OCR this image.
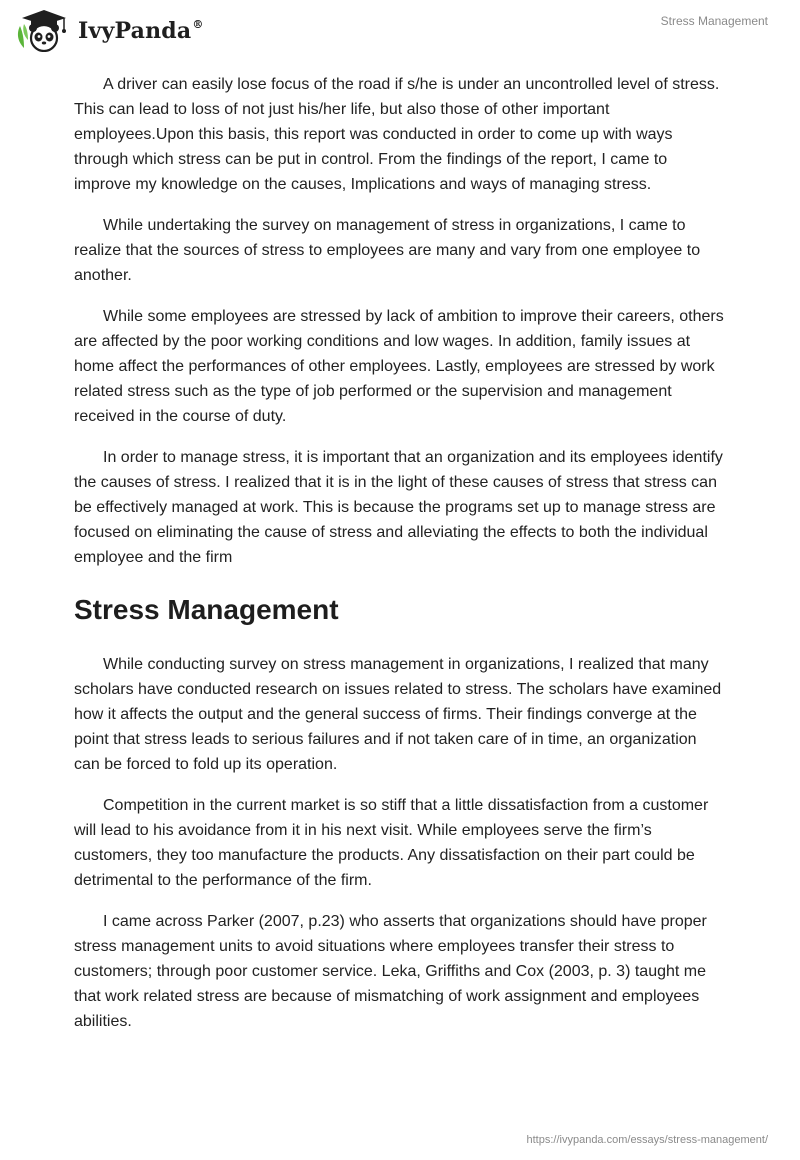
IvyPanda®	Stress Management

A driver can easily lose focus of the road if s/he is under an uncontrolled level of stress. This can lead to loss of not just his/her life, but also those of other important employees.Upon this basis, this report was conducted in order to come up with ways through which stress can be put in control. From the findings of the report, I came to improve my knowledge on the causes, Implications and ways of managing stress.

While undertaking the survey on management of stress in organizations, I came to realize that the sources of stress to employees are many and vary from one employee to another.

While some employees are stressed by lack of ambition to improve their careers, others are affected by the poor working conditions and low wages. In addition, family issues at home affect the performances of other employees. Lastly, employees are stressed by work related stress such as the type of job performed or the supervision and management received in the course of duty.

In order to manage stress, it is important that an organization and its employees identify the causes of stress. I realized that it is in the light of these causes of stress that stress can be effectively managed at work. This is because the programs set up to manage stress are focused on eliminating the cause of stress and alleviating the effects to both the individual employee and the firm

Stress Management

While conducting survey on stress management in organizations, I realized that many scholars have conducted research on issues related to stress. The scholars have examined how it affects the output and the general success of firms. Their findings converge at the point that stress leads to serious failures and if not taken care of in time, an organization can be forced to fold up its operation.

Competition in the current market is so stiff that a little dissatisfaction from a customer will lead to his avoidance from it in his next visit. While employees serve the firm’s customers, they too manufacture the products. Any dissatisfaction on their part could be detrimental to the performance of the firm.

I came across Parker (2007, p.23) who asserts that organizations should have proper stress management units to avoid situations where employees transfer their stress to customers; through poor customer service. Leka, Griffiths and Cox (2003, p. 3) taught me that work related stress are because of mismatching of work assignment and employees abilities.

https://ivypanda.com/essays/stress-management/
